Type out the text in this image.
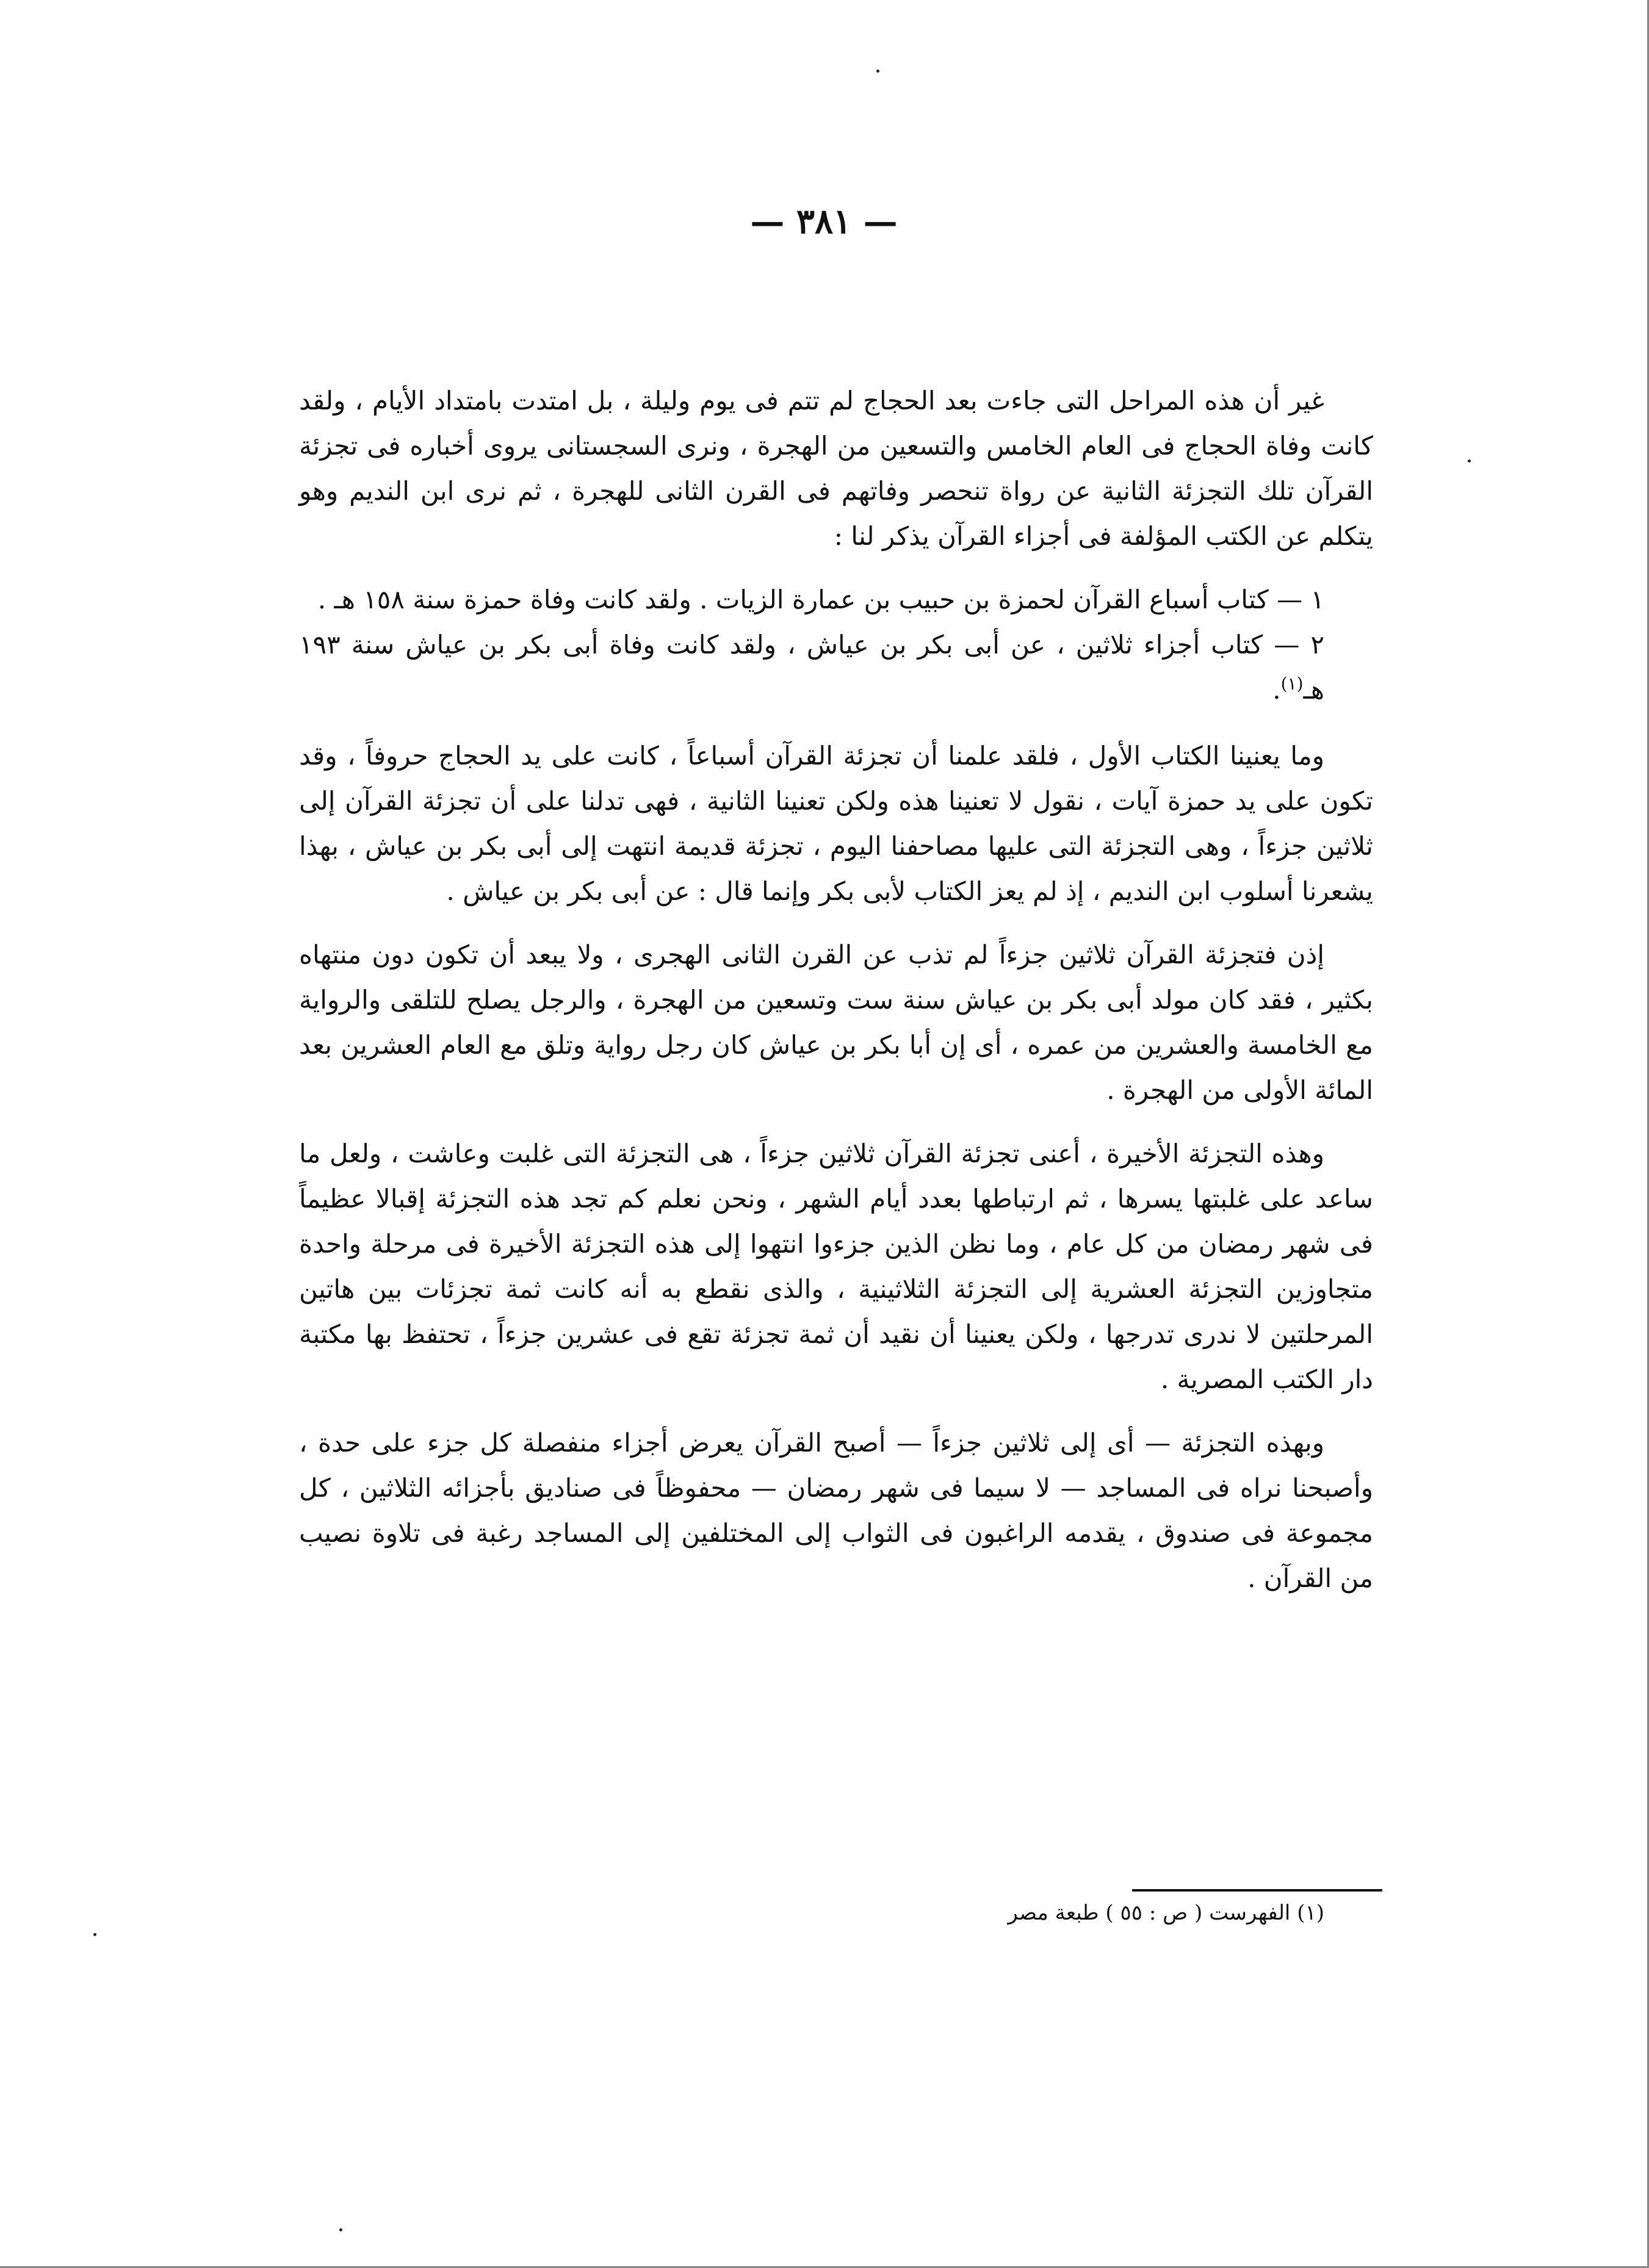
— ٣٨١ —

غير أن هذه المراحل التى جاءت بعد الحجاج لم تتم فى يوم وليلة ، بل امتدت بامتداد الأيام ، ولقد كانت وفاة الحجاج فى العام الخامس والتسعين من الهجرة ، ونرى السجستانى يروى أخباره فى تجزئة القرآن تلك التجزئة الثانية عن رواة تنحصر وفاتهم فى القرن الثانى للهجرة ، ثم نرى ابن النديم وهو يتكلم عن الكتب المؤلفة فى أجزاء القرآن يذكر لنا :

١ — كتاب أسباع القرآن لحمزة بن حبيب بن عمارة الزيات . ولقد كانت وفاة حمزة سنة ١٥٨ هـ .

٢ — كتاب أجزاء ثلاثين ، عن أبى بكر بن عياش ، ولقد كانت وفاة أبى بكر بن عياش سنة ١٩٣ هـ$^{(١)}$.

وما يعنينا الكتاب الأول ، فلقد علمنا أن تجزئة القرآن أسباعاً ، كانت على يد الحجاج حروفاً ، وقد تكون على يد حمزة آيات ، نقول لا تعنينا هذه ولكن تعنينا الثانية ، فهى تدلنا على أن تجزئة القرآن إلى ثلاثين جزءاً ، وهى التجزئة التى عليها مصاحفنا اليوم ، تجزئة قديمة انتهت إلى أبى بكر بن عياش ، بهذا يشعرنا أسلوب ابن النديم ، إذ لم يعز الكتاب لأبى بكر وإنما قال : عن أبى بكر بن عياش .

إذن فتجزئة القرآن ثلاثين جزءاً لم تذب عن القرن الثانى الهجرى ، ولا يبعد أن تكون دون منتهاه بكثير ، فقد كان مولد أبى بكر بن عياش سنة ست وتسعين من الهجرة ، والرجل يصلح للتلقى والرواية مع الخامسة والعشرين من عمره ، أى إن أبا بكر بن عياش كان رجل رواية وتلق مع العام العشرين بعد المائة الأولى من الهجرة .

وهذه التجزئة الأخيرة ، أعنى تجزئة القرآن ثلاثين جزءاً ، هى التجزئة التى غلبت وعاشت ، ولعل ما ساعد على غلبتها يسرها ، ثم ارتباطها بعدد أيام الشهر ، ونحن نعلم كم تجد هذه التجزئة إقبالا عظيماً فى شهر رمضان من كل عام ، وما نظن الذين جزءوا انتهوا إلى هذه التجزئة الأخيرة فى مرحلة واحدة متجاوزين التجزئة العشرية إلى التجزئة الثلاثينية ، والذى نقطع به أنه كانت ثمة تجزئات بين هاتين المرحلتين لا ندرى تدرجها ، ولكن يعنينا أن نقيد أن ثمة تجزئة تقع فى عشرين جزءاً ، تحتفظ بها مكتبة دار الكتب المصرية .

وبهذه التجزئة — أى إلى ثلاثين جزءاً — أصبح القرآن يعرض أجزاء منفصلة كل جزء على حدة ، وأصبحنا نراه فى المساجد — لا سيما فى شهر رمضان — محفوظاً فى صناديق بأجزائه الثلاثين ، كل مجموعة فى صندوق ، يقدمه الراغبون فى الثواب إلى المختلفين إلى المساجد رغبة فى تلاوة نصيب من القرآن .

(١) الفهرست ( ص : ٥٥ ) طبعة مصر
